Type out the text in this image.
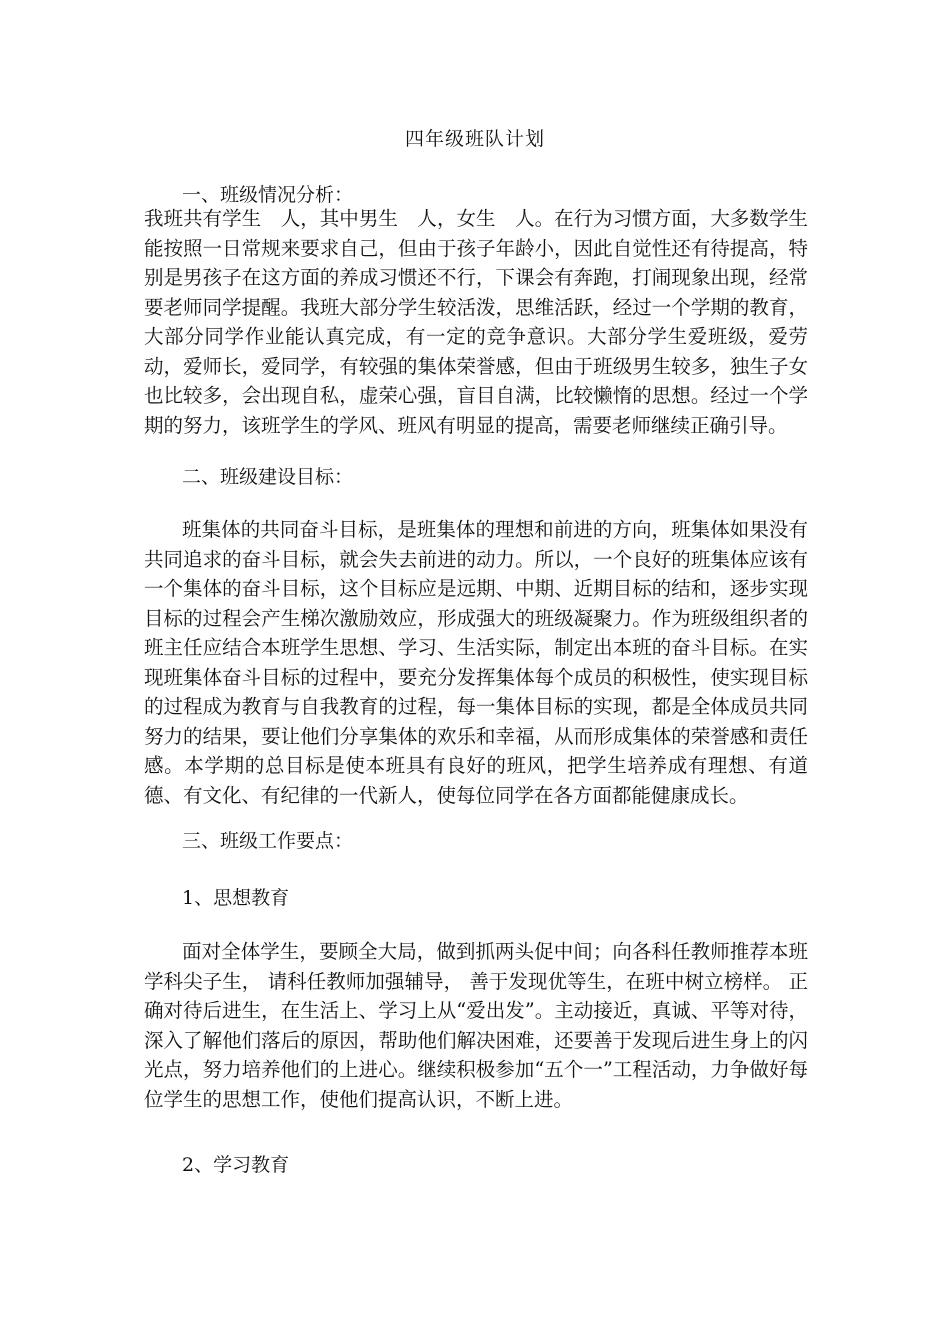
四年级班队计划
一、班级情况分析：
我班共有学生　人，其中男生　人，女生　人。在行为习惯方面，大多数学生能按照一日常规来要求自己，但由于孩子年龄小，因此自觉性还有待提高，特别是男孩子在这方面的养成习惯还不行，下课会有奔跑，打闹现象出现，经常要老师同学提醒。我班大部分学生较活泼，思维活跃，经过一个学期的教育，大部分同学作业能认真完成，有一定的竞争意识。大部分学生爱班级，爱劳动，爱师长，爱同学，有较强的集体荣誉感，但由于班级男生较多，独生子女也比较多，会出现自私，虚荣心强，盲目自满，比较懒惰的思想。经过一个学期的努力，该班学生的学风、班风有明显的提高，需要老师继续正确引导。
二、班级建设目标：
班集体的共同奋斗目标，是班集体的理想和前进的方向，班集体如果没有共同追求的奋斗目标，就会失去前进的动力。所以，一个良好的班集体应该有一个集体的奋斗目标，这个目标应是远期、中期、近期目标的结和，逐步实现目标的过程会产生梯次激励效应，形成强大的班级凝聚力。作为班级组织者的班主任应结合本班学生思想、学习、生活实际，制定出本班的奋斗目标。在实现班集体奋斗目标的过程中，要充分发挥集体每个成员的积极性，使实现目标的过程成为教育与自我教育的过程，每一集体目标的实现，都是全体成员共同努力的结果，要让他们分享集体的欢乐和幸福，从而形成集体的荣誉感和责任感。本学期的总目标是使本班具有良好的班风，把学生培养成有理想、有道德、有文化、有纪律的一代新人，使每位同学在各方面都能健康成长。
三、班级工作要点：
1、思想教育
面对全体学生，要顾全大局，做到抓两头促中间；向各科任教师推荐本班学科尖子生， 请科任教师加强辅导， 善于发现优等生，在班中树立榜样。 正确对待后进生，在生活上、学习上从“爱出发”。主动接近，真诚、平等对待，深入了解他们落后的原因，帮助他们解决困难，还要善于发现后进生身上的闪光点，努力培养他们的上进心。继续积极参加“五个一”工程活动，力争做好每位学生的思想工作，使他们提高认识，不断上进。
2、学习教育
